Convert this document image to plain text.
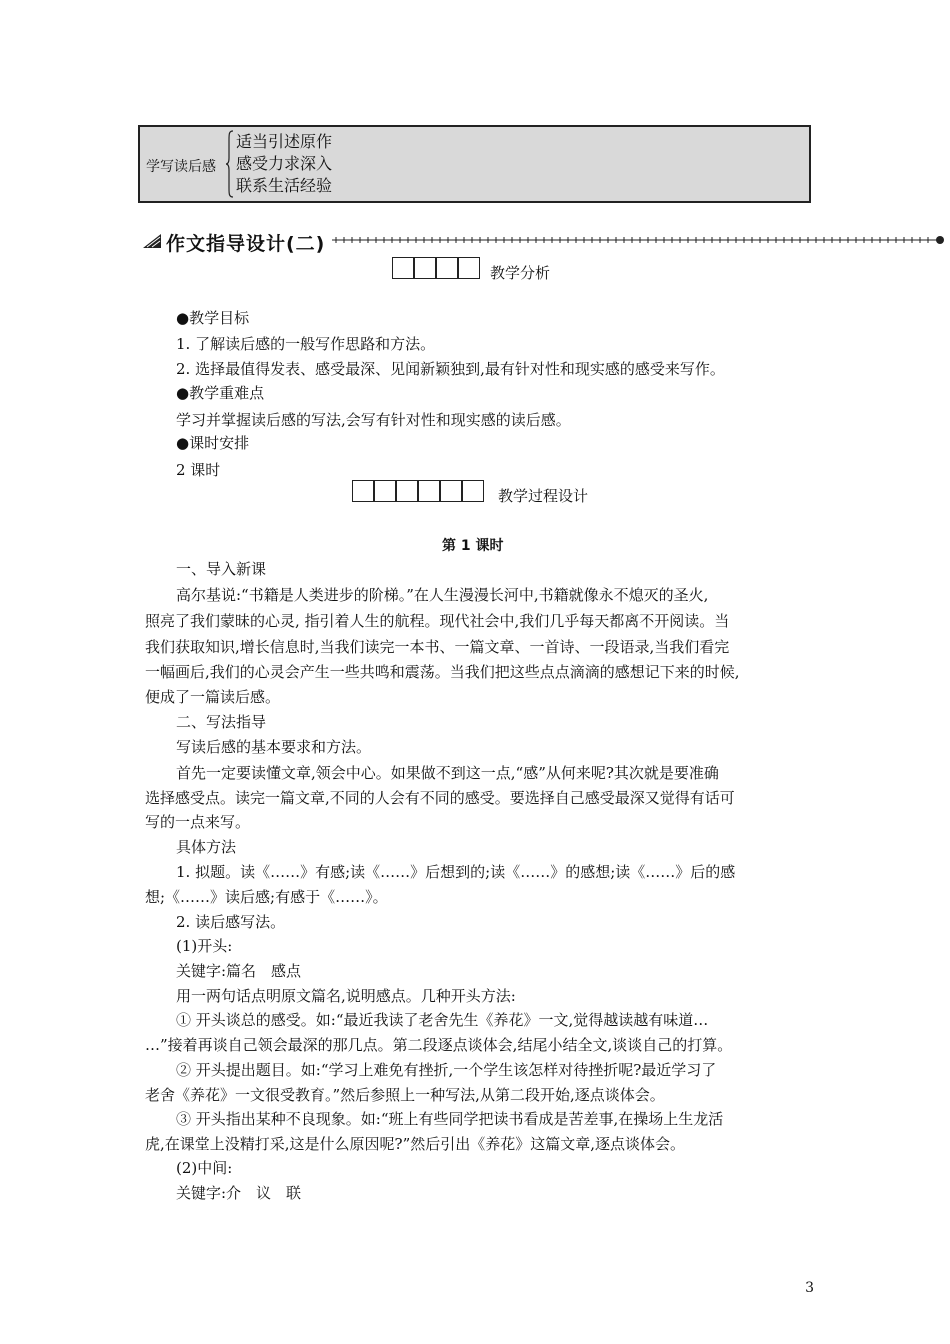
学写读后感
适当引述原作
感受力求深入
联系生活经验
作文指导设计(二)
教学分析
●教学目标
1. 了解读后感的一般写作思路和方法。
2. 选择最值得发表、感受最深、见闻新颖独到,最有针对性和现实感的感受来写作。
●教学重难点
学习并掌握读后感的写法,会写有针对性和现实感的读后感。
●课时安排
2 课时
教学过程设计
第 1 课时
一、导入新课
高尔基说:“书籍是人类进步的阶梯。”在人生漫漫长河中,书籍就像永不熄灭的圣火,
照亮了我们蒙昧的心灵, 指引着人生的航程。现代社会中,我们几乎每天都离不开阅读。当
我们获取知识,增长信息时,当我们读完一本书、一篇文章、一首诗、一段语录,当我们看完
一幅画后,我们的心灵会产生一些共鸣和震荡。当我们把这些点点滴滴的感想记下来的时候,
便成了一篇读后感。
二、写法指导
写读后感的基本要求和方法。
首先一定要读懂文章,领会中心。如果做不到这一点,“感”从何来呢?其次就是要准确
选择感受点。读完一篇文章,不同的人会有不同的感受。要选择自己感受最深又觉得有话可
写的一点来写。
具体方法
1. 拟题。读《……》有感;读《……》后想到的;读《……》的感想;读《……》后的感
想;《……》读后感;有感于《……》。
2. 读后感写法。
(1)开头:
关键字:篇名　感点
用一两句话点明原文篇名,说明感点。几种开头方法:
① 开头谈总的感受。如:“最近我读了老舍先生《养花》一文,觉得越读越有味道…
…”接着再谈自己领会最深的那几点。第二段逐点谈体会,结尾小结全文,谈谈自己的打算。
② 开头提出题目。如:“学习上难免有挫折,一个学生该怎样对待挫折呢?最近学习了
老舍《养花》一文很受教育。”然后参照上一种写法,从第二段开始,逐点谈体会。
③ 开头指出某种不良现象。如:“班上有些同学把读书看成是苦差事,在操场上生龙活
虎,在课堂上没精打采,这是什么原因呢?”然后引出《养花》这篇文章,逐点谈体会。
(2)中间:
关键字:介　议　联
3
